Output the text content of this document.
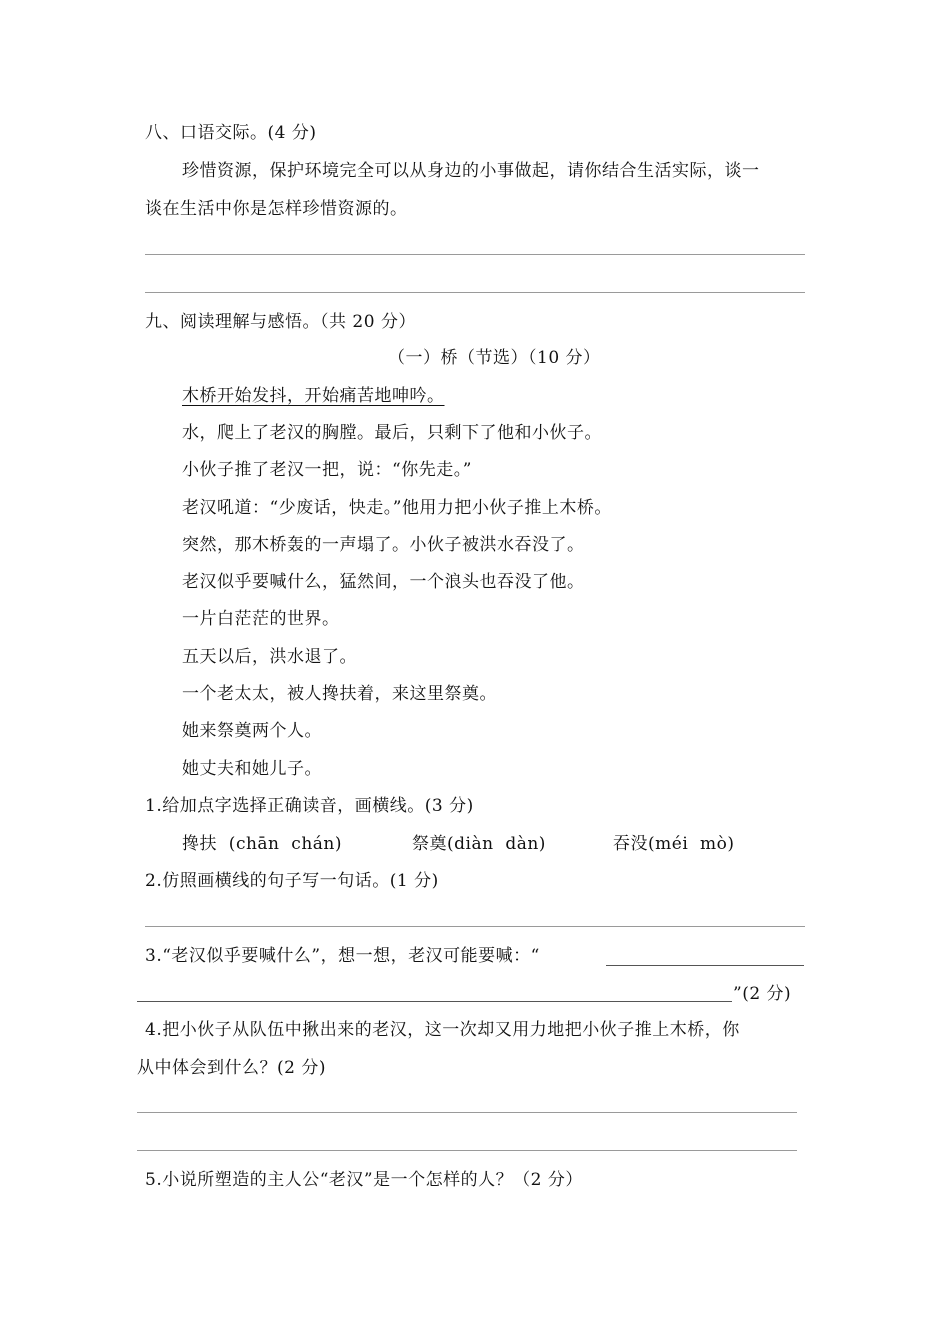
八、口语交际。(4 分)
珍惜资源，保护环境完全可以从身边的小事做起，请你结合生活实际，谈一
谈在生活中你是怎样珍惜资源的。
九、阅读理解与感悟。（共 20 分）
（一）桥（节选）（10 分）
木桥开始发抖，开始痛苦地呻吟。
水，爬上了老汉的胸膛。最后，只剩下了他和小伙子。
小伙子推了老汉一把，说：“你先走。”
老汉吼道：“少废话，快走。”他用力把小伙子推上木桥。
突然，那木桥轰的一声塌了。小伙子被洪水吞没了。
老汉似乎要喊什么，猛然间，一个浪头也吞没了他。
一片白茫茫的世界。
五天以后，洪水退了。
一个老太太，被人搀扶着，来这里祭奠。
她来祭奠两个人。
她丈夫和她儿子。
1.给加点字选择正确读音，画横线。(3 分)
搀扶  (chān  chán)	祭奠(diàn  dàn)	吞没(méi  mò)
2.仿照画横线的句子写一句话。(1 分)
3.“老汉似乎要喊什么”，想一想，老汉可能要喊：“
”(2 分)
4.把小伙子从队伍中揪出来的老汉，这一次却又用力地把小伙子推上木桥，你
从中体会到什么？(2 分)
5.小说所塑造的主人公“老汉”是一个怎样的人？（2 分）
